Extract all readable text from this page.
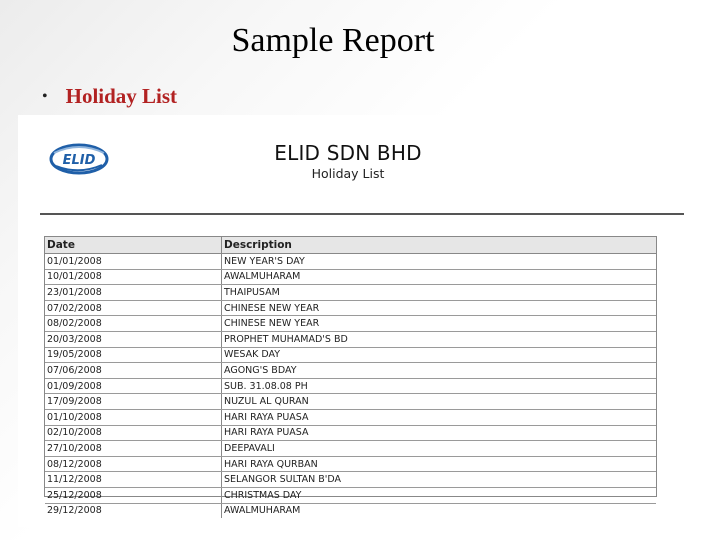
Sample Report
• Holiday List
ELID	ELID SDN BHD
Holiday List
Date	Description
01/01/2008	NEW YEAR'S DAY
10/01/2008	AWALMUHARAM
23/01/2008	THAIPUSAM
07/02/2008	CHINESE NEW YEAR
08/02/2008	CHINESE NEW YEAR
20/03/2008	PROPHET MUHAMAD'S BD
19/05/2008	WESAK DAY
07/06/2008	AGONG'S BDAY
01/09/2008	SUB. 31.08.08 PH
17/09/2008	NUZUL AL QURAN
01/10/2008	HARI RAYA PUASA
02/10/2008	HARI RAYA PUASA
27/10/2008	DEEPAVALI
08/12/2008	HARI RAYA QURBAN
11/12/2008	SELANGOR SULTAN B'DA
25/12/2008	CHRISTMAS DAY
29/12/2008	AWALMUHARAM
